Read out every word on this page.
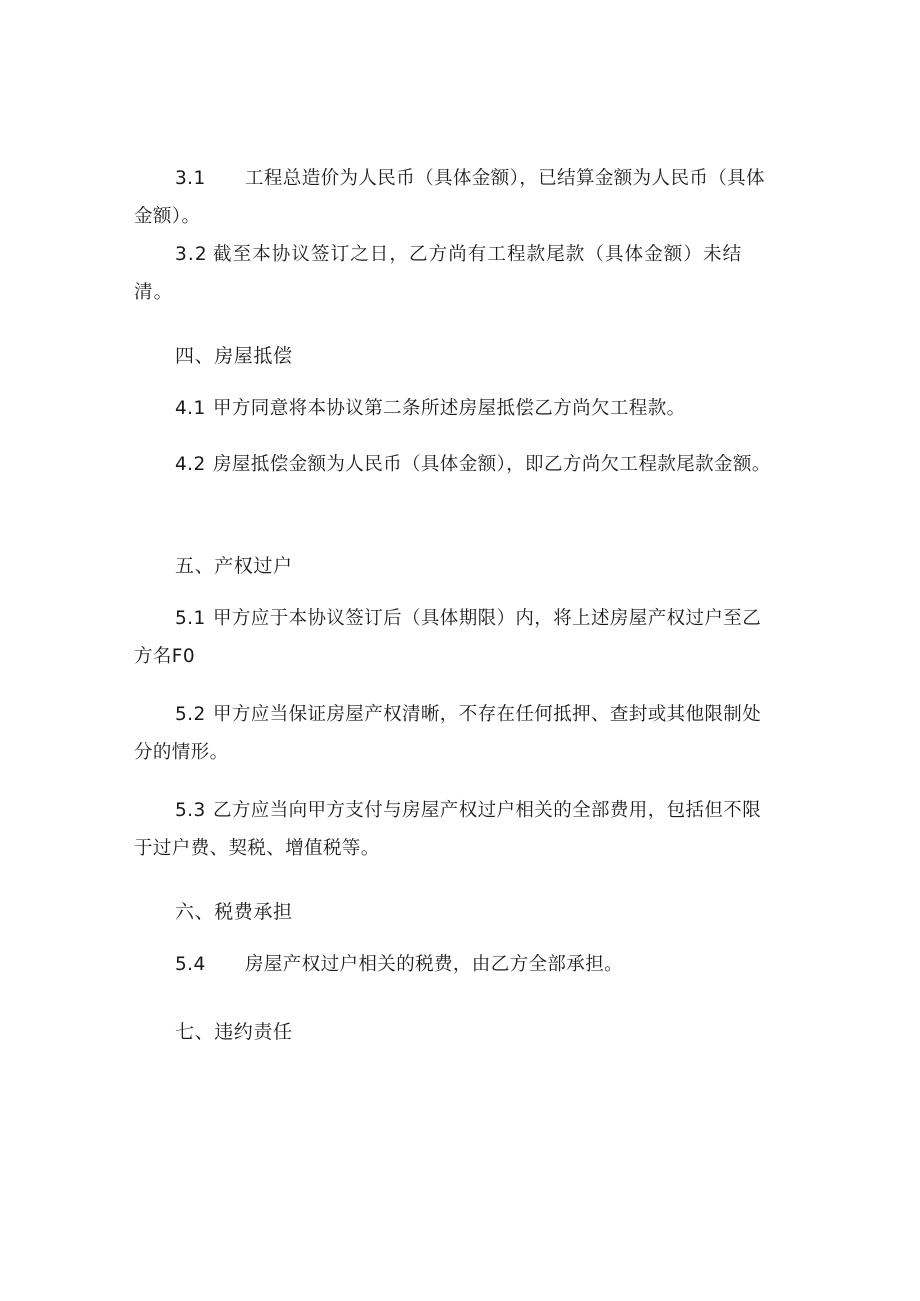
3.1 工程总造价为人民币（具体金额），已结算金额为人民币（具体金额）。
3.2 截至本协议签订之日，乙方尚有工程款尾款（具体金额）未结清。
四、房屋抵偿
4.1 甲方同意将本协议第二条所述房屋抵偿乙方尚欠工程款。
4.2 房屋抵偿金额为人民币（具体金额），即乙方尚欠工程款尾款金额。
五、产权过户
5.1 甲方应于本协议签订后（具体期限）内，将上述房屋产权过户至乙方名F0
5.2 甲方应当保证房屋产权清晰，不存在任何抵押、查封或其他限制处分的情形。
5.3 乙方应当向甲方支付与房屋产权过户相关的全部费用，包括但不限于过户费、契税、增值税等。
六、税费承担
5.4 房屋产权过户相关的税费，由乙方全部承担。
七、违约责任
